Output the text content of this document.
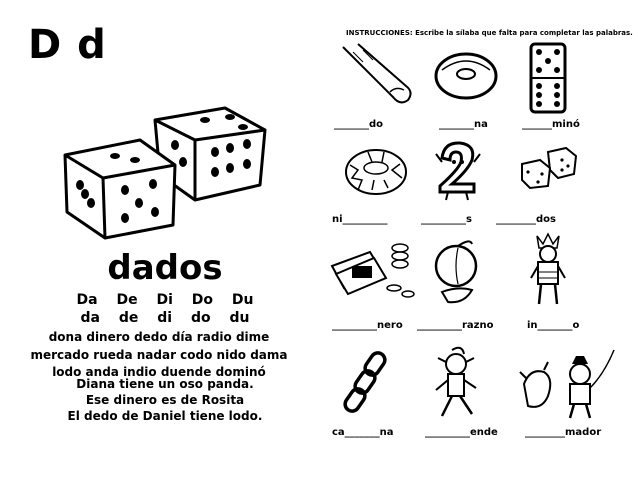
D d
dados
Da De Di Do Du
da de di do du
dona dinero dedo día radio dime
mercado rueda nadar codo nido dama
lodo anda indio duende dominó
Diana tiene un oso panda.
Ese dinero es de Rosita
El dedo de Daniel tiene lodo.
INSTRUCCIONES: Escribe la sílaba que falta para completar las palabras.
_______do	_______na	______minó
ni_________	_________s ________dos
_________nero _________razno	in_______o
ca_______na	_________ende	________mador
